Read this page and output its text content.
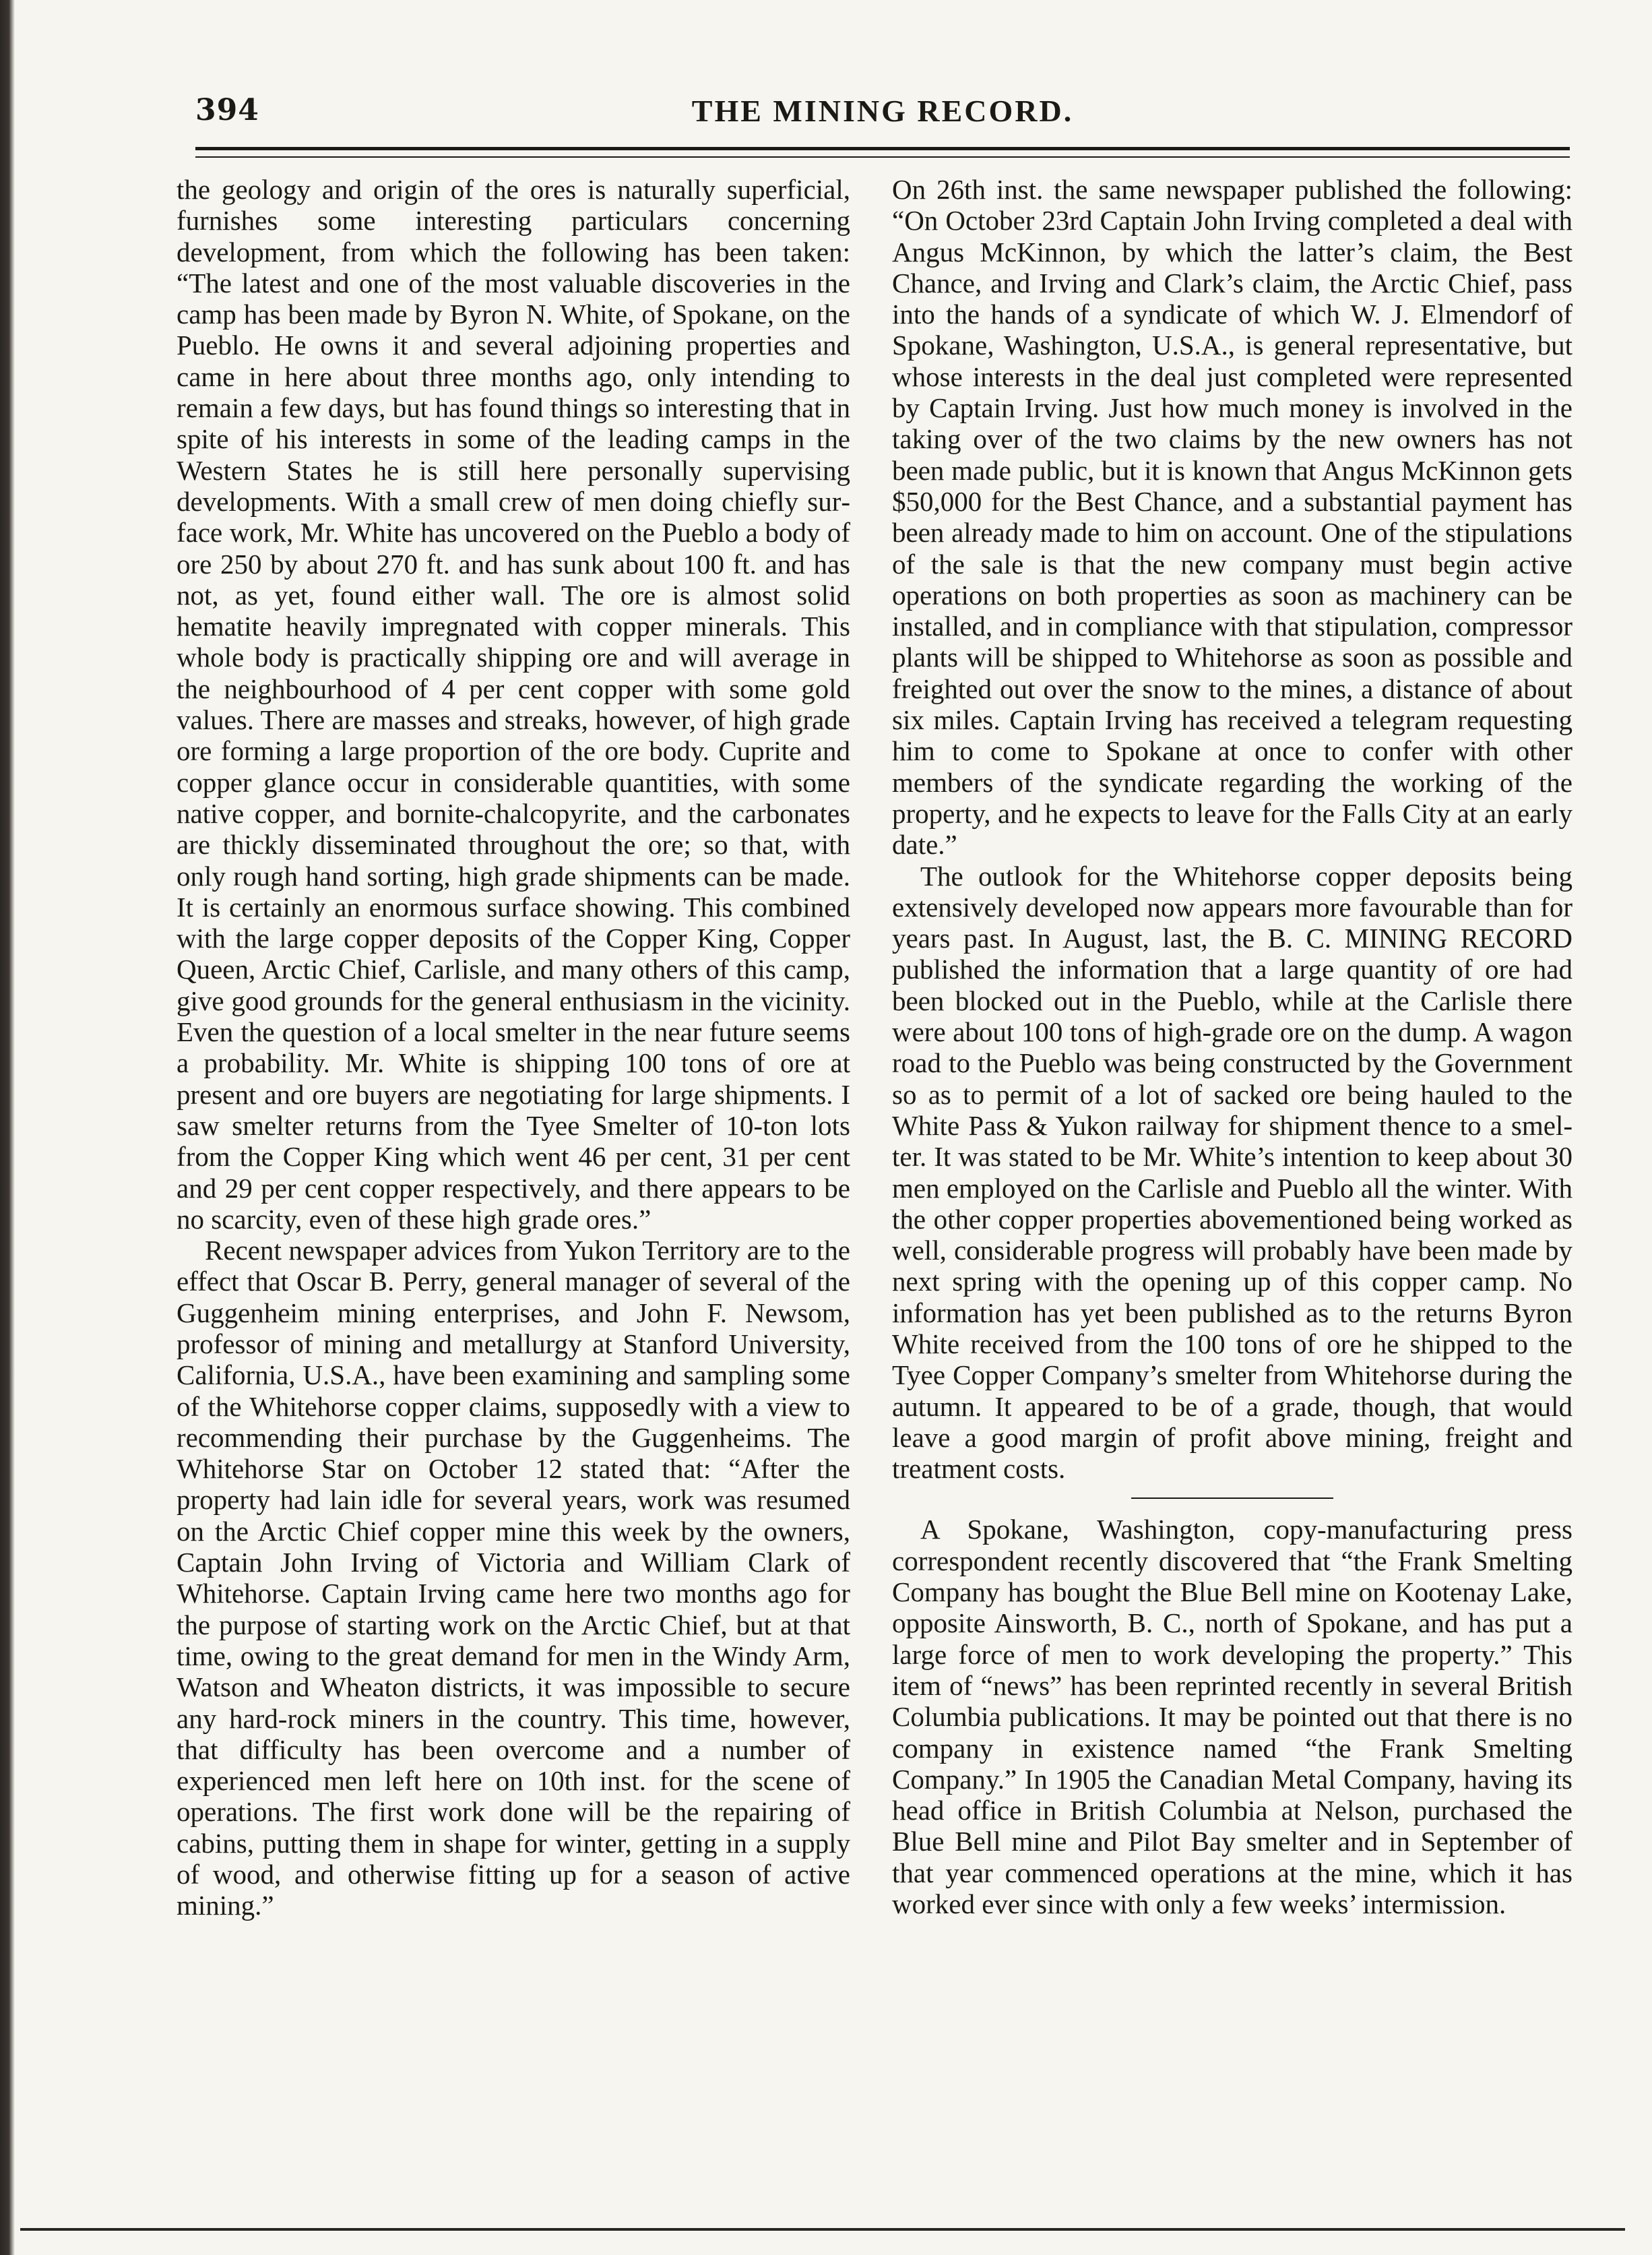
394	THE MINING RECORD.

the geology and origin of the ores is naturally superficial, furnishes some interesting particulars concerning development, from which the following has been taken: “The latest and one of the most valuable discoveries in the camp has been made by Byron N. White, of Spokane, on the Pueblo. He owns it and several adjoining properties and came in here about three months ago, only intending to remain a few days, but has found things so interesting that in spite of his interests in some of the leading camps in the Western States he is still here personally supervising developments. With a small crew of men doing chiefly surface work, Mr. White has uncovered on the Pueblo a body of ore 250 by about 270 ft. and has sunk about 100 ft. and has not, as yet, found either wall. The ore is almost solid hematite heavily impregnated with copper minerals. This whole body is practically shipping ore and will average in the neighbourhood of 4 per cent copper with some gold values. There are masses and streaks, however, of high grade ore forming a large proportion of the ore body. Cuprite and copper glance occur in considerable quantities, with some native copper, and bornite-chalcopyrite, and the carbonates are thickly disseminated throughout the ore; so that, with only rough hand sorting, high grade shipments can be made. It is certainly an enormous surface showing. This combined with the large copper deposits of the Copper King, Copper Queen, Arctic Chief, Carlisle, and many others of this camp, give good grounds for the general enthusiasm in the vicinity. Even the question of a local smelter in the near future seems a probability. Mr. White is shipping 100 tons of ore at present and ore buyers are negotiating for large shipments. I saw smelter returns from the Tyee Smelter of 10-ton lots from the Copper King which went 46 per cent, 31 per cent and 29 per cent copper respectively, and there appears to be no scarcity, even of these high grade ores.”

Recent newspaper advices from Yukon Territory are to the effect that Oscar B. Perry, general manager of several of the Guggenheim mining enterprises, and John F. Newsom, professor of mining and metallurgy at Stanford University, California, U.S.A., have been examining and sampling some of the Whitehorse copper claims, supposedly with a view to recommending their purchase by the Guggenheims. The Whitehorse Star on October 12 stated that: “After the property had lain idle for several years, work was resumed on the Arctic Chief copper mine this week by the owners, Captain John Irving of Victoria and William Clark of Whitehorse. Captain Irving came here two months ago for the purpose of starting work on the Arctic Chief, but at that time, owing to the great demand for men in the Windy Arm, Watson and Wheaton districts, it was impossible to secure any hard-rock miners in the country. This time, however, that difficulty has been overcome and a number of experienced men left here on 10th inst. for the scene of operations. The first work done will be the repairing of cabins, putting them in shape for winter, getting in a supply of wood, and otherwise fitting up for a season of active mining.”

On 26th inst. the same newspaper published the following: “On October 23rd Captain John Irving completed a deal with Angus McKinnon, by which the latter’s claim, the Best Chance, and Irving and Clark’s claim, the Arctic Chief, pass into the hands of a syndicate of which W. J. Elmendorf of Spokane, Washington, U.S.A., is general representative, but whose interests in the deal just completed were represented by Captain Irving. Just how much money is involved in the taking over of the two claims by the new owners has not been made public, but it is known that Angus McKinnon gets $50,000 for the Best Chance, and a substantial payment has been already made to him on account. One of the stipulations of the sale is that the new company must begin active operations on both properties as soon as machinery can be installed, and in compliance with that stipulation, compressor plants will be shipped to Whitehorse as soon as possible and freighted out over the snow to the mines, a distance of about six miles. Captain Irving has received a telegram requesting him to come to Spokane at once to confer with other members of the syndicate regarding the working of the property, and he expects to leave for the Falls City at an early date.”

The outlook for the Whitehorse copper deposits being extensively developed now appears more favourable than for years past. In August, last, the B. C. MINING RECORD published the information that a large quantity of ore had been blocked out in the Pueblo, while at the Carlisle there were about 100 tons of high-grade ore on the dump. A wagon road to the Pueblo was being constructed by the Government so as to permit of a lot of sacked ore being hauled to the White Pass & Yukon railway for shipment thence to a smelter. It was stated to be Mr. White’s intention to keep about 30 men employed on the Carlisle and Pueblo all the winter. With the other copper properties abovementioned being worked as well, considerable progress will probably have been made by next spring with the opening up of this copper camp. No information has yet been published as to the returns Byron White received from the 100 tons of ore he shipped to the Tyee Copper Company’s smelter from Whitehorse during the autumn. It appeared to be of a grade, though, that would leave a good margin of profit above mining, freight and treatment costs.

A Spokane, Washington, copy-manufacturing press correspondent recently discovered that “the Frank Smelting Company has bought the Blue Bell mine on Kootenay Lake, opposite Ainsworth, B. C., north of Spokane, and has put a large force of men to work developing the property.” This item of “news” has been reprinted recently in several British Columbia publications. It may be pointed out that there is no company in existence named “the Frank Smelting Company.” In 1905 the Canadian Metal Company, having its head office in British Columbia at Nelson, purchased the Blue Bell mine and Pilot Bay smelter and in September of that year commenced operations at the mine, which it has worked ever since with only a few weeks’ intermission.
